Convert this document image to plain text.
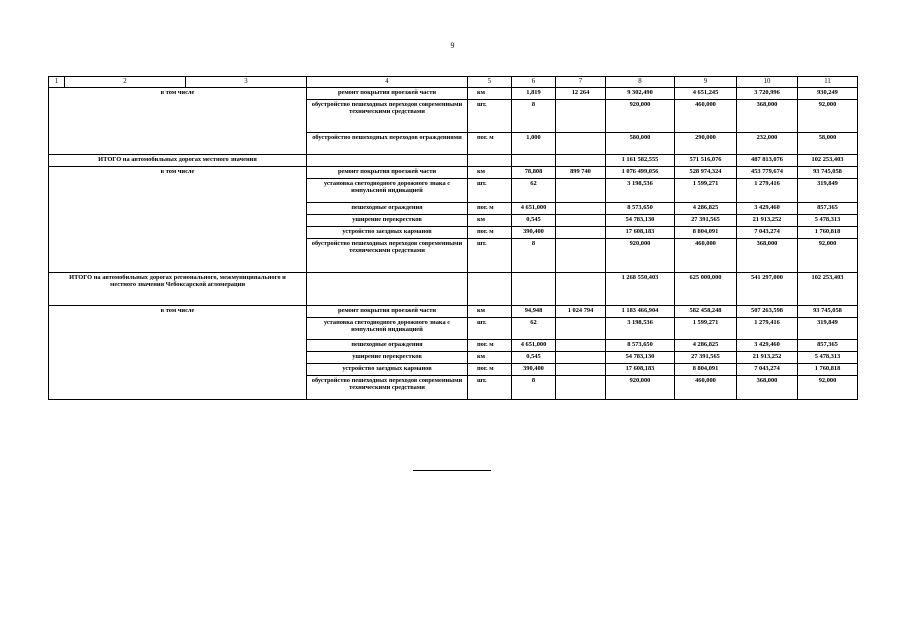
9
1	2	3	4	5	6	7	8	9	10	11
в том числе			ремонт покрытия проезжей части	км	1,819	12 264	9 302,490	4 651,245	3 720,996	930,249
			обустройство пешеходных переходов современными техническими средствами	шт.	8		920,000	460,000	368,000	92,000
			обустройство пешеходных переходов ограждениями	пог. м	1,000		580,000	290,000	232,000	58,000
ИТОГО на автомобильных дорогах местного значения							1 161 582,555	571 516,076	487 813,076	102 253,403
в том числе			ремонт покрытия проезжей части	км	78,808	899 740	1 076 499,056	528 974,324	453 779,674	93 745,058
			установка светодиодного дорожного знака с импульсной индикацией	шт.	62		3 198,536	1 599,271	1 279,416	319,849
			пешеходные ограждения	пог. м	4 651,000		8 573,650	4 286,825	3 429,460	857,365
			уширение перекрестков	км	0,545		54 783,130	27 391,565	21 913,252	5 478,313
			устройство заездных карманов	пог. м	390,400		17 608,183	8 804,091	7 043,274	1 760,818
			обустройство пешеходных переходов современными техническими средствами	шт.	8		920,000	460,000	368,000	92,000
ИТОГО на автомобильных дорогах регионального, межмуниципального и местного значения Чебоксарской агломерации							1 268 550,403	625 000,000	541 297,000	102 253,403
в том числе			ремонт покрытия проезжей части	км	94,948	1 024 794	1 183 466,904	582 458,248	507 263,598	93 745,058
			установка светодиодного дорожного знака с импульсной индикацией	шт.	62		3 198,536	1 599,271	1 279,416	319,849
			пешеходные ограждения	пог. м	4 651,000		8 573,650	4 286,825	3 429,460	857,365
			уширение перекрестков	км	0,545		54 783,130	27 391,565	21 913,252	5 478,313
			устройство заездных карманов	пог. м	390,400		17 608,183	8 804,091	7 043,274	1 760,818
			обустройство пешеходных переходов современными техническими средствами	шт.	8		920,000	460,000	368,000	92,000
